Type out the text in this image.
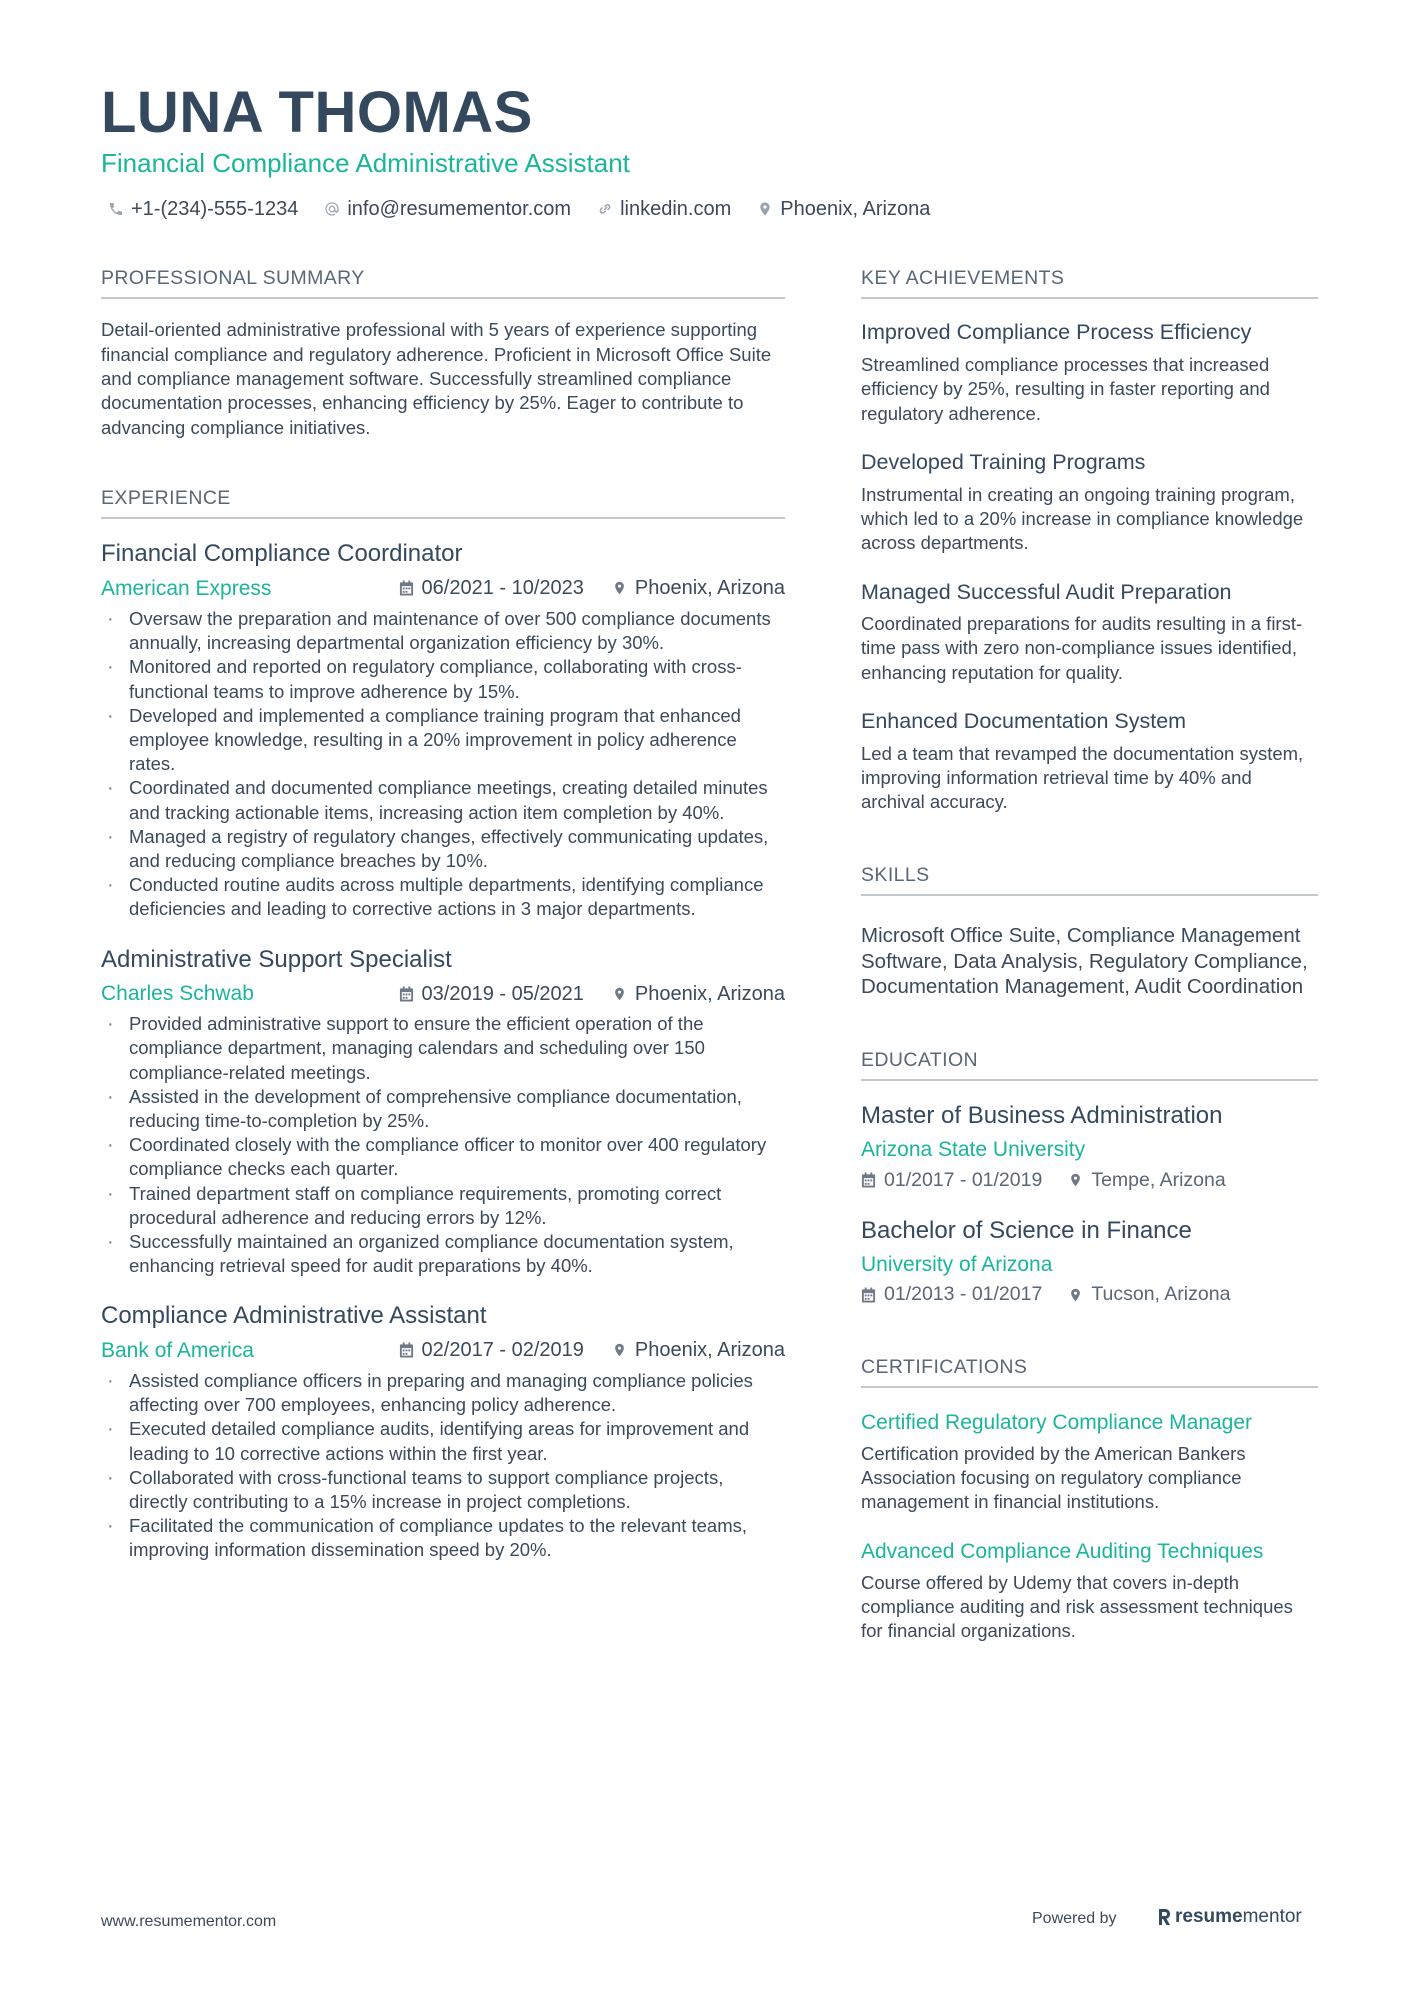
LUNA THOMAS
Financial Compliance Administrative Assistant
+1-(234)-555-1234 info@resumementor.com linkedin.com Phoenix, Arizona
PROFESSIONAL SUMMARY
Detail-oriented administrative professional with 5 years of experience supporting financial compliance and regulatory adherence. Proficient in Microsoft Office Suite and compliance management software. Successfully streamlined compliance documentation processes, enhancing efficiency by 25%. Eager to contribute to advancing compliance initiatives.
EXPERIENCE
Financial Compliance Coordinator
American Express	06/2021 - 10/2023	Phoenix, Arizona
· Oversaw the preparation and maintenance of over 500 compliance documents annually, increasing departmental organization efficiency by 30%.
· Monitored and reported on regulatory compliance, collaborating with cross-functional teams to improve adherence by 15%.
· Developed and implemented a compliance training program that enhanced employee knowledge, resulting in a 20% improvement in policy adherence rates.
· Coordinated and documented compliance meetings, creating detailed minutes and tracking actionable items, increasing action item completion by 40%.
· Managed a registry of regulatory changes, effectively communicating updates, and reducing compliance breaches by 10%.
· Conducted routine audits across multiple departments, identifying compliance deficiencies and leading to corrective actions in 3 major departments.
Administrative Support Specialist
Charles Schwab	03/2019 - 05/2021	Phoenix, Arizona
· Provided administrative support to ensure the efficient operation of the compliance department, managing calendars and scheduling over 150 compliance-related meetings.
· Assisted in the development of comprehensive compliance documentation, reducing time-to-completion by 25%.
· Coordinated closely with the compliance officer to monitor over 400 regulatory compliance checks each quarter.
· Trained department staff on compliance requirements, promoting correct procedural adherence and reducing errors by 12%.
· Successfully maintained an organized compliance documentation system, enhancing retrieval speed for audit preparations by 40%.
Compliance Administrative Assistant
Bank of America	02/2017 - 02/2019	Phoenix, Arizona
· Assisted compliance officers in preparing and managing compliance policies affecting over 700 employees, enhancing policy adherence.
· Executed detailed compliance audits, identifying areas for improvement and leading to 10 corrective actions within the first year.
· Collaborated with cross-functional teams to support compliance projects, directly contributing to a 15% increase in project completions.
· Facilitated the communication of compliance updates to the relevant teams, improving information dissemination speed by 20%.
KEY ACHIEVEMENTS
Improved Compliance Process Efficiency
Streamlined compliance processes that increased efficiency by 25%, resulting in faster reporting and regulatory adherence.
Developed Training Programs
Instrumental in creating an ongoing training program, which led to a 20% increase in compliance knowledge across departments.
Managed Successful Audit Preparation
Coordinated preparations for audits resulting in a first-time pass with zero non-compliance issues identified, enhancing reputation for quality.
Enhanced Documentation System
Led a team that revamped the documentation system, improving information retrieval time by 40% and archival accuracy.
SKILLS
Microsoft Office Suite, Compliance Management Software, Data Analysis, Regulatory Compliance, Documentation Management, Audit Coordination
EDUCATION
Master of Business Administration
Arizona State University
01/2017 - 01/2019	Tempe, Arizona
Bachelor of Science in Finance
University of Arizona
01/2013 - 01/2017	Tucson, Arizona
CERTIFICATIONS
Certified Regulatory Compliance Manager
Certification provided by the American Bankers Association focusing on regulatory compliance management in financial institutions.
Advanced Compliance Auditing Techniques
Course offered by Udemy that covers in-depth compliance auditing and risk assessment techniques for financial organizations.
www.resumementor.com	Powered by	resume mentor
